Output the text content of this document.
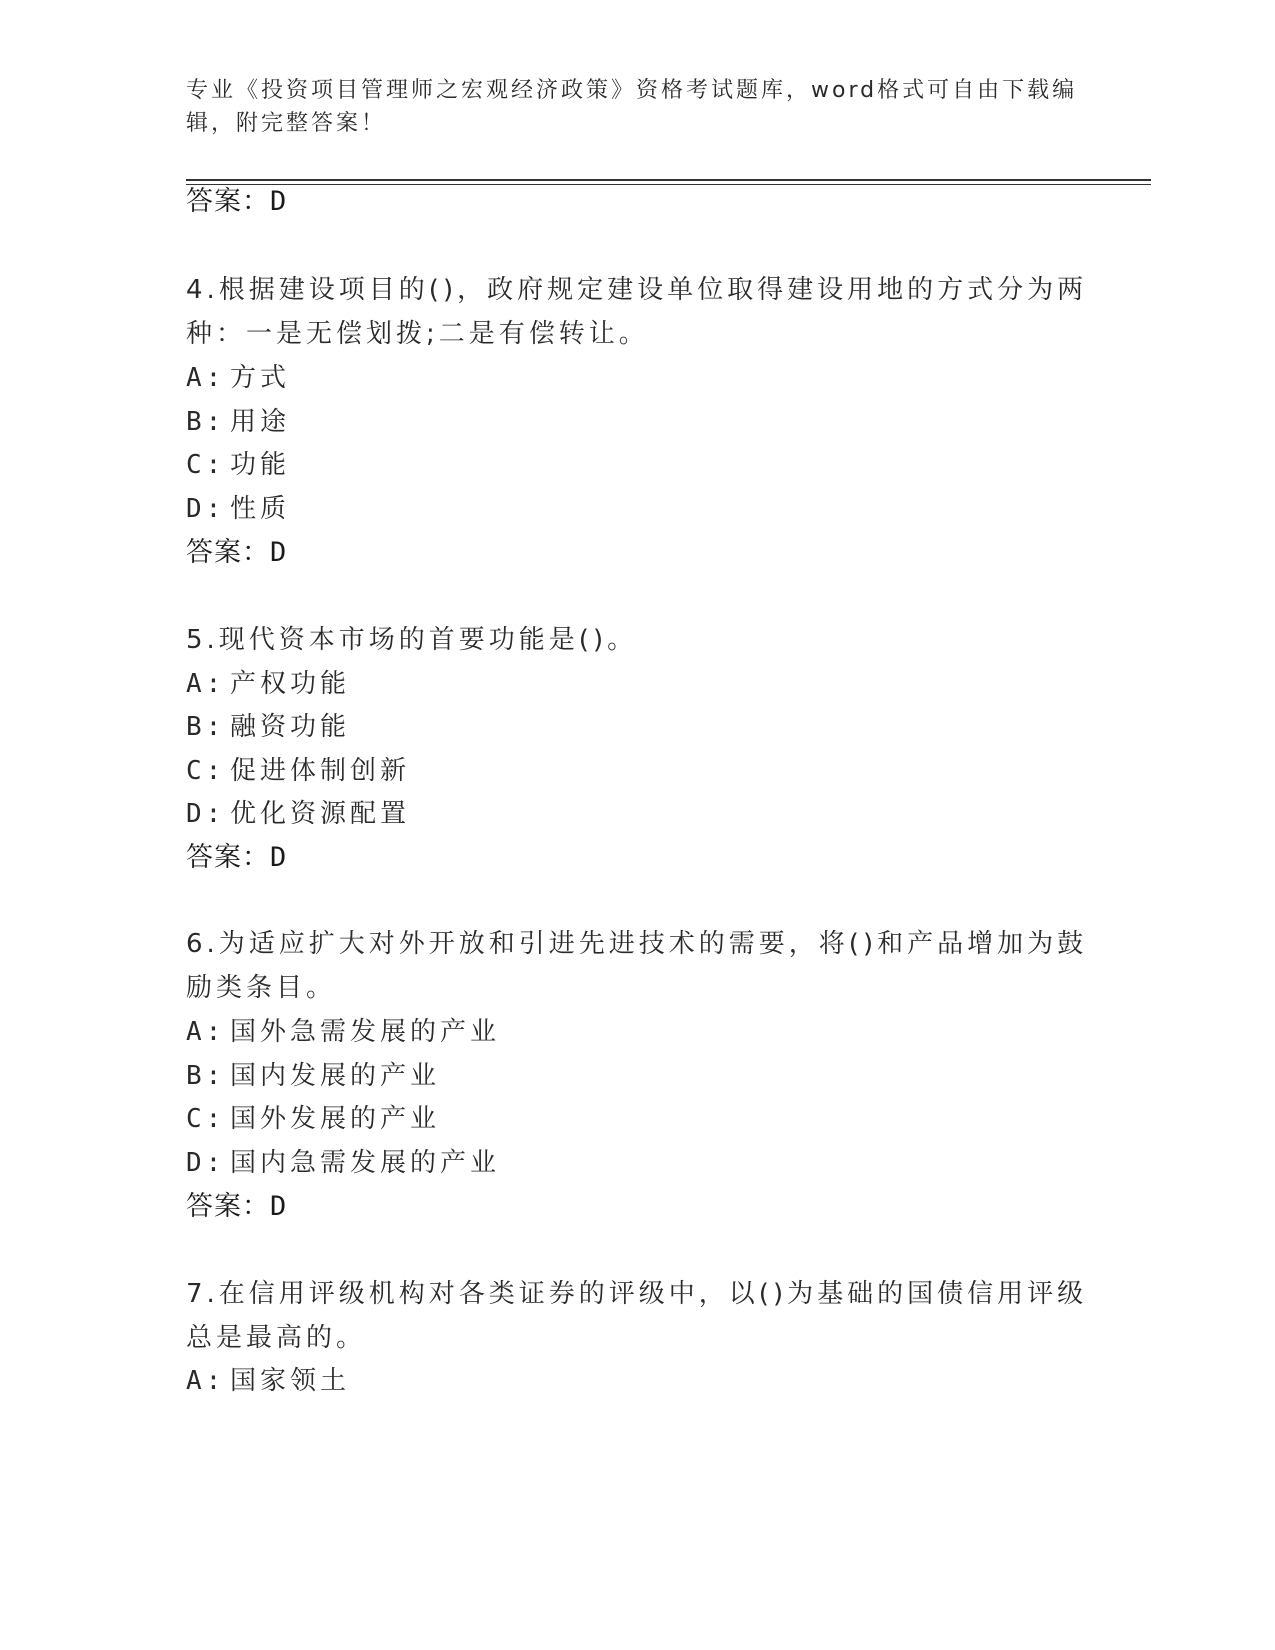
专业《投资项目管理师之宏观经济政策》资格考试题库，word格式可自由下载编
辑，附完整答案！
答案：D
4.根据建设项目的()，政府规定建设单位取得建设用地的方式分为两
种：一是无偿划拨;二是有偿转让。
A: 方式
B: 用途
C: 功能
D: 性质
答案：D
5.现代资本市场的首要功能是()。
A: 产权功能
B: 融资功能
C: 促进体制创新
D: 优化资源配置
答案：D
6.为适应扩大对外开放和引进先进技术的需要，将()和产品增加为鼓
励类条目。
A: 国外急需发展的产业
B: 国内发展的产业
C: 国外发展的产业
D: 国内急需发展的产业
答案：D
7.在信用评级机构对各类证券的评级中，以()为基础的国债信用评级
总是最高的。
A: 国家领土
